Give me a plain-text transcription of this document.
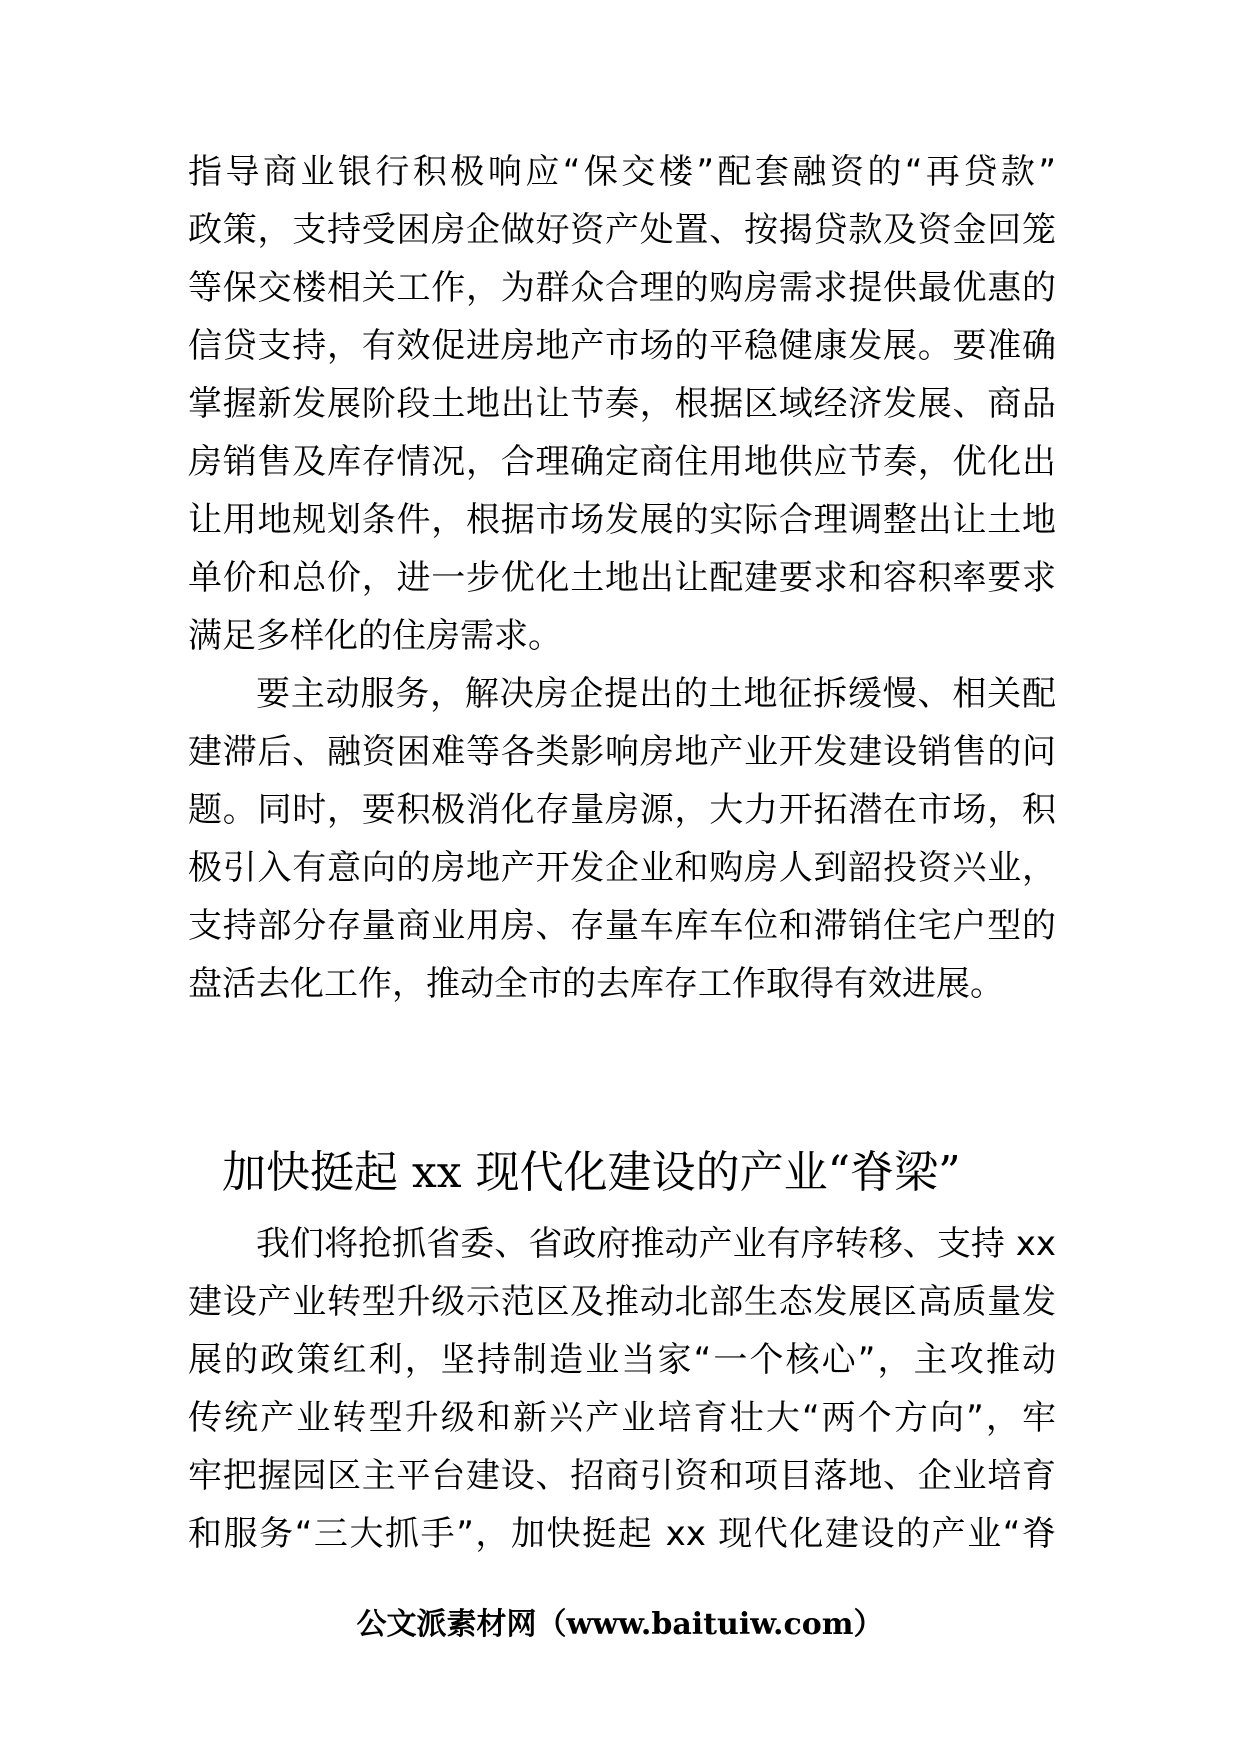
指导商业银行积极响应“保交楼”配套融资的“再贷款”
政策，支持受困房企做好资产处置、按揭贷款及资金回笼
等保交楼相关工作，为群众合理的购房需求提供最优惠的
信贷支持，有效促进房地产市场的平稳健康发展。要准确
掌握新发展阶段土地出让节奏，根据区域经济发展、商品
房销售及库存情况，合理确定商住用地供应节奏，优化出
让用地规划条件，根据市场发展的实际合理调整出让土地
单价和总价，进一步优化土地出让配建要求和容积率要求
满足多样化的住房需求。
要主动服务，解决房企提出的土地征拆缓慢、相关配
建滞后、融资困难等各类影响房地产业开发建设销售的问
题。同时，要积极消化存量房源，大力开拓潜在市场，积
极引入有意向的房地产开发企业和购房人到韶投资兴业，
支持部分存量商业用房、存量车库车位和滞销住宅户型的
盘活去化工作，推动全市的去库存工作取得有效进展。
加快挺起 xx 现代化建设的产业“脊梁”
我们将抢抓省委、省政府推动产业有序转移、支持 xx
建设产业转型升级示范区及推动北部生态发展区高质量发
展的政策红利，坚持制造业当家“一个核心”，主攻推动
传统产业转型升级和新兴产业培育壮大“两个方向”，牢
牢把握园区主平台建设、招商引资和项目落地、企业培育
和服务“三大抓手”，加快挺起 xx 现代化建设的产业“脊
公文派素材网（www.baituiw.com）
